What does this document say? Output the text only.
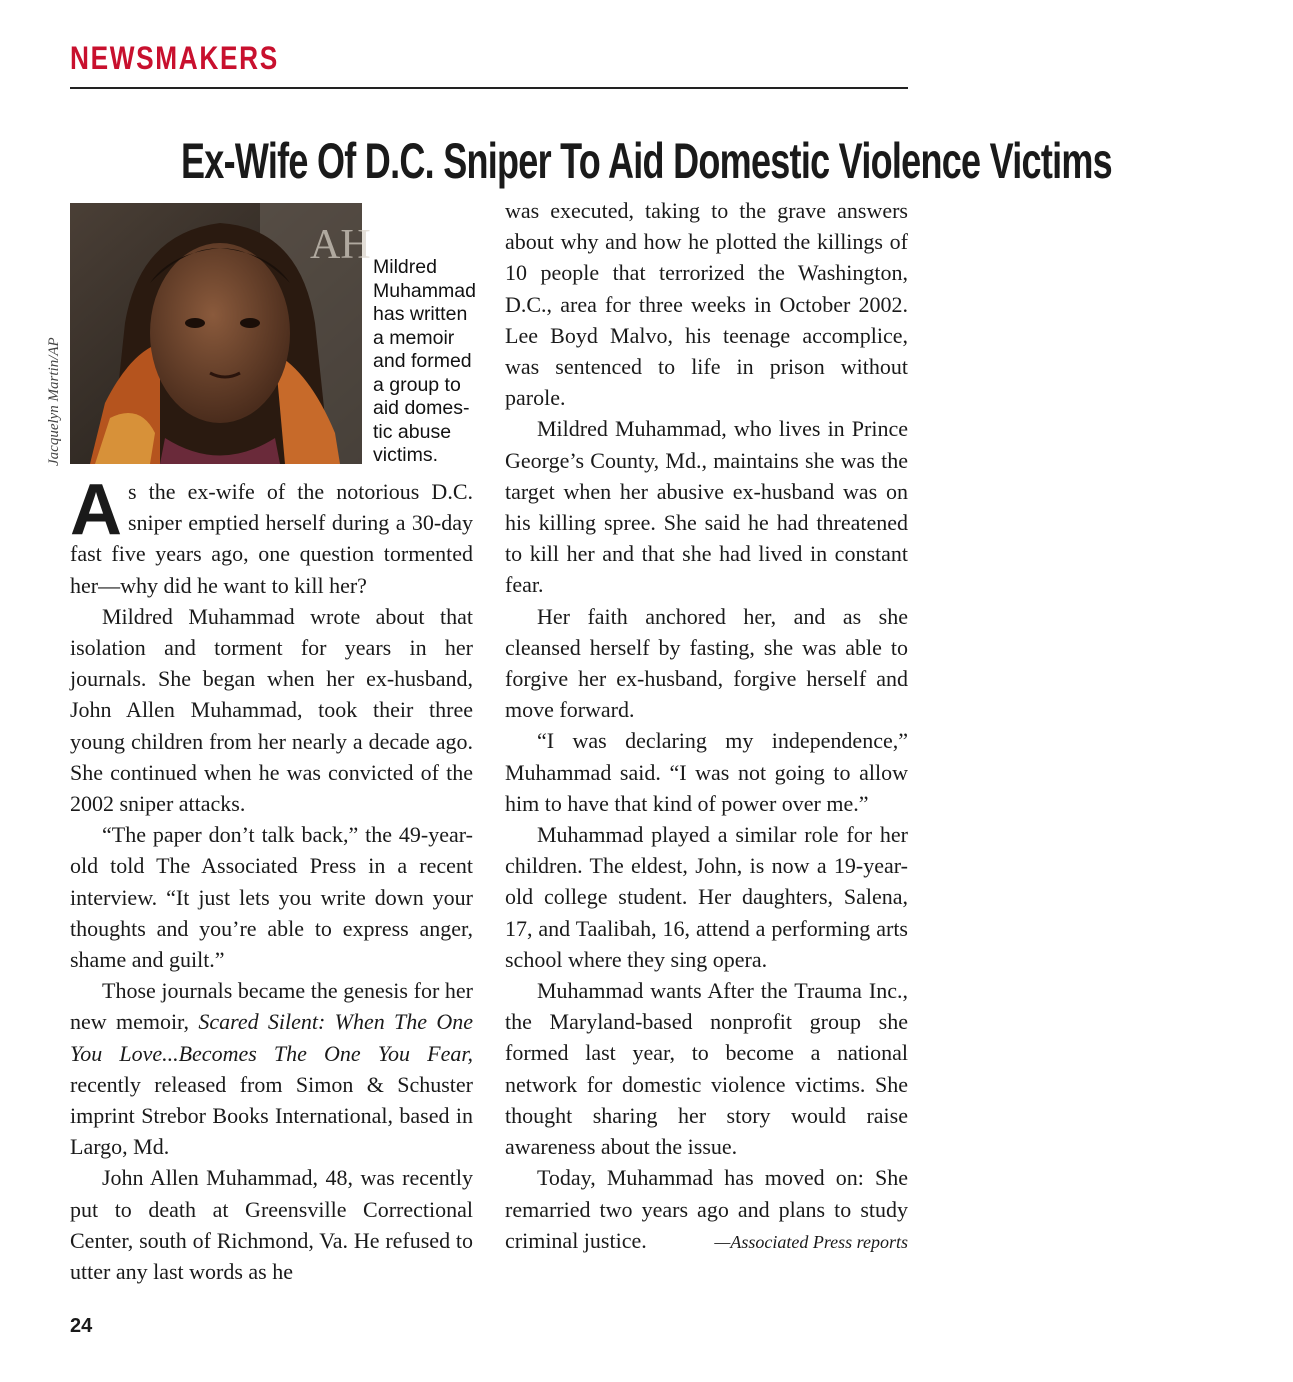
NEWSMAKERS
Ex-Wife Of D.C. Sniper To Aid Domestic Violence Victims
Jacquelyn Martin/AP
AH Mildred
Muhammad
has written
a memoir
and formed
a group to
aid domes-
tic abuse
victims.

As the ex-wife of the notorious D.C. sniper emptied herself during a 30-day fast five years ago, one question tormented her—why did he want to kill her?

Mildred Muhammad wrote about that isolation and torment for years in her journals. She began when her ex-husband, John Allen Muhammad, took their three young children from her nearly a decade ago. She continued when he was convicted of the 2002 sniper attacks.

“The paper don’t talk back,” the 49-year-old told The Associated Press in a recent interview. “It just lets you write down your thoughts and you’re able to express anger, shame and guilt.”

Those journals became the genesis for her new memoir, Scared Silent: When The One You Love...Becomes The One You Fear, recently released from Simon & Schuster imprint Strebor Books International, based in Largo, Md.

John Allen Muhammad, 48, was recently put to death at Greensville Correctional Center, south of Richmond, Va. He refused to utter any last words as he

was executed, taking to the grave answers about why and how he plotted the killings of 10 people that terrorized the Washington, D.C., area for three weeks in October 2002. Lee Boyd Malvo, his teenage accomplice, was sentenced to life in prison without parole.

Mildred Muhammad, who lives in Prince George’s County, Md., maintains she was the target when her abusive ex-husband was on his killing spree. She said he had threatened to kill her and that she had lived in constant fear.

Her faith anchored her, and as she cleansed herself by fasting, she was able to forgive her ex-husband, forgive herself and move forward.

“I was declaring my independence,” Muhammad said. “I was not going to allow him to have that kind of power over me.”

Muhammad played a similar role for her children. The eldest, John, is now a 19-year-old college student. Her daughters, Salena, 17, and Taalibah, 16, attend a performing arts school where they sing opera.

Muhammad wants After the Trauma Inc., the Maryland-based nonprofit group she formed last year, to become a national network for domestic violence victims. She thought sharing her story would raise awareness about the issue.

Today, Muhammad has moved on: She remarried two years ago and plans to study criminal justice.	—Associated Press reports

24
